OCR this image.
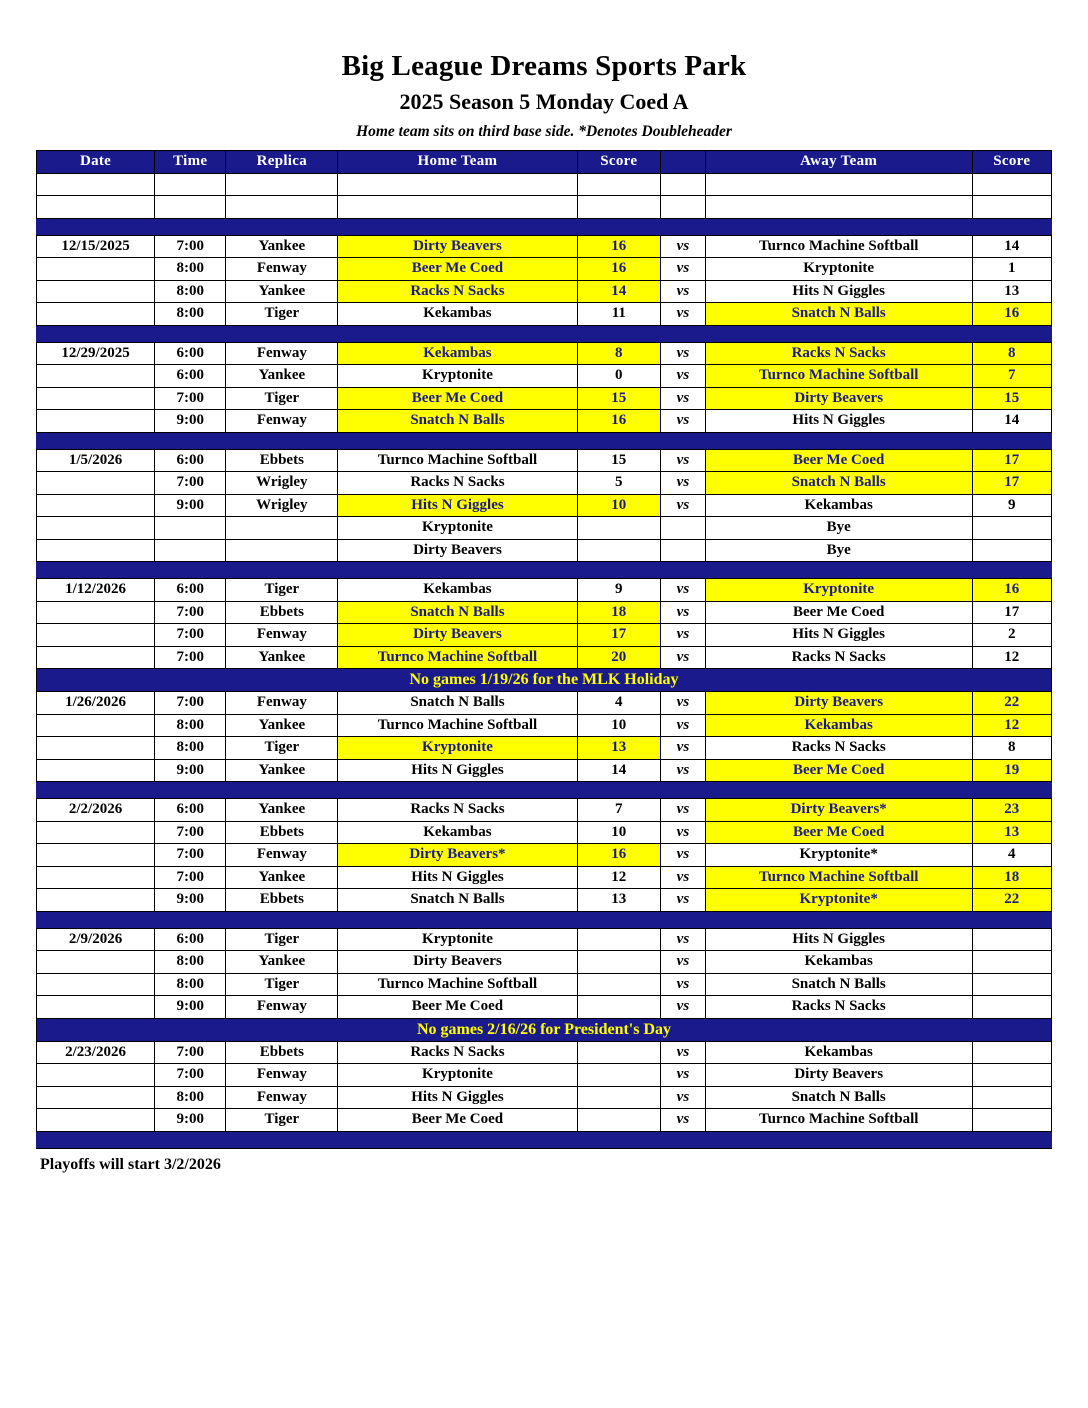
Big League Dreams Sports Park
2025 Season 5 Monday Coed A
Home team sits on third base side. *Denotes Doubleheader
Date	Time	Replica	Home Team	Score		Away Team	Score

12/15/2025	7:00	Yankee	Dirty Beavers	16	vs	Turnco Machine Softball	14
	8:00	Fenway	Beer Me Coed	16	vs	Kryptonite	1
	8:00	Yankee	Racks N Sacks	14	vs	Hits N Giggles	13
	8:00	Tiger	Kekambas	11	vs	Snatch N Balls	16

12/29/2025	6:00	Fenway	Kekambas	8	vs	Racks N Sacks	8
	6:00	Yankee	Kryptonite	0	vs	Turnco Machine Softball	7
	7:00	Tiger	Beer Me Coed	15	vs	Dirty Beavers	15
	9:00	Fenway	Snatch N Balls	16	vs	Hits N Giggles	14

1/5/2026	6:00	Ebbets	Turnco Machine Softball	15	vs	Beer Me Coed	17
	7:00	Wrigley	Racks N Sacks	5	vs	Snatch N Balls	17
	9:00	Wrigley	Hits N Giggles	10	vs	Kekambas	9
			Kryptonite			Bye	
			Dirty Beavers			Bye	

1/12/2026	6:00	Tiger	Kekambas	9	vs	Kryptonite	16
	7:00	Ebbets	Snatch N Balls	18	vs	Beer Me Coed	17
	7:00	Fenway	Dirty Beavers	17	vs	Hits N Giggles	2
	7:00	Yankee	Turnco Machine Softball	20	vs	Racks N Sacks	12
No games 1/19/26 for the MLK Holiday							
1/26/2026	7:00	Fenway	Snatch N Balls	4	vs	Dirty Beavers	22
	8:00	Yankee	Turnco Machine Softball	10	vs	Kekambas	12
	8:00	Tiger	Kryptonite	13	vs	Racks N Sacks	8
	9:00	Yankee	Hits N Giggles	14	vs	Beer Me Coed	19

2/2/2026	6:00	Yankee	Racks N Sacks	7	vs	Dirty Beavers*	23
	7:00	Ebbets	Kekambas	10	vs	Beer Me Coed	13
	7:00	Fenway	Dirty Beavers*	16	vs	Kryptonite*	4
	7:00	Yankee	Hits N Giggles	12	vs	Turnco Machine Softball	18
	9:00	Ebbets	Snatch N Balls	13	vs	Kryptonite*	22

2/9/2026	6:00	Tiger	Kryptonite		vs	Hits N Giggles	
	8:00	Yankee	Dirty Beavers		vs	Kekambas	
	8:00	Tiger	Turnco Machine Softball		vs	Snatch N Balls	
	9:00	Fenway	Beer Me Coed		vs	Racks N Sacks	
No games 2/16/26 for President's Day							
2/23/2026	7:00	Ebbets	Racks N Sacks		vs	Kekambas	
	7:00	Fenway	Kryptonite		vs	Dirty Beavers	
	8:00	Fenway	Hits N Giggles		vs	Snatch N Balls	
	9:00	Tiger	Beer Me Coed		vs	Turnco Machine Softball	

Playoffs will start 3/2/2026
